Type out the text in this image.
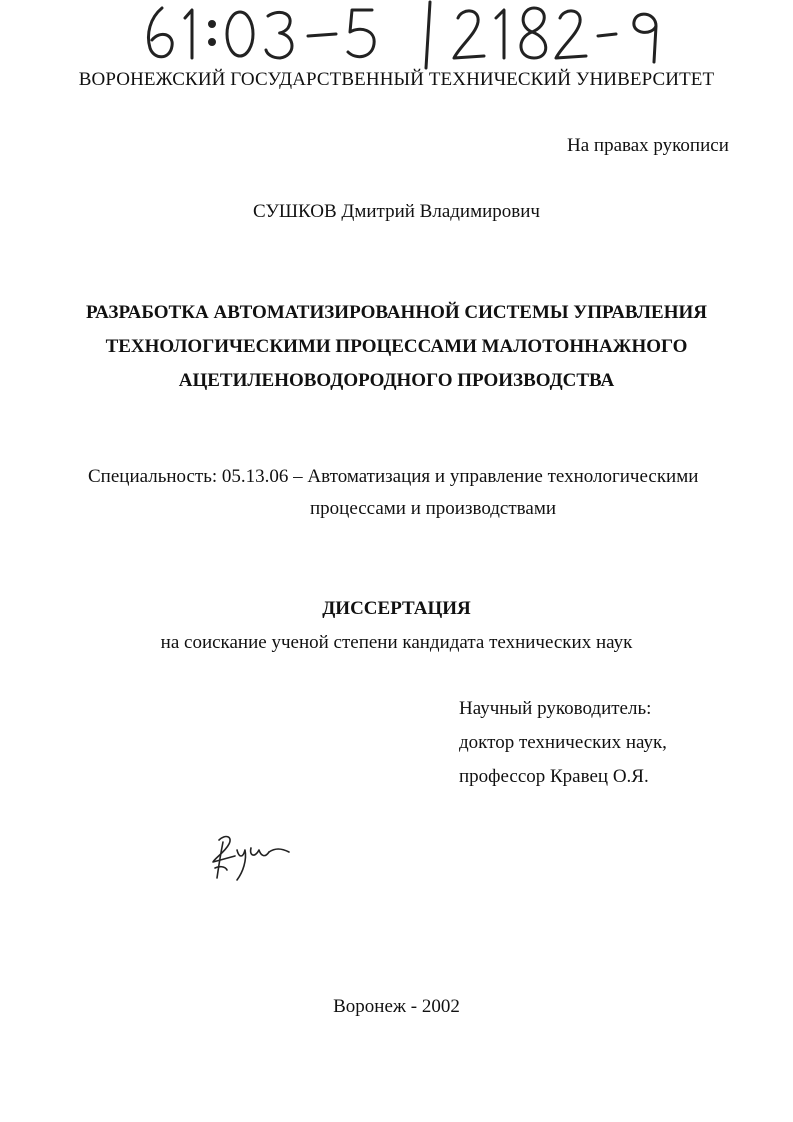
ВОРОНЕЖСКИЙ ГОСУДАРСТВЕННЫЙ ТЕХНИЧЕСКИЙ УНИВЕРСИТЕТ
На правах рукописи
СУШКОВ Дмитрий Владимирович
РАЗРАБОТКА АВТОМАТИЗИРОВАННОЙ СИСТЕМЫ УПРАВЛЕНИЯ
ТЕХНОЛОГИЧЕСКИМИ ПРОЦЕССАМИ МАЛОТОННАЖНОГО
АЦЕТИЛЕНОВОДОРОДНОГО ПРОИЗВОДСТВА
Специальность: 05.13.06 – Автоматизация и управление технологическими
процессами и производствами
ДИССЕРТАЦИЯ
на соискание ученой степени кандидата технических наук
Научный руководитель:
доктор технических наук,
профессор Кравец О.Я.
Воронеж - 2002
